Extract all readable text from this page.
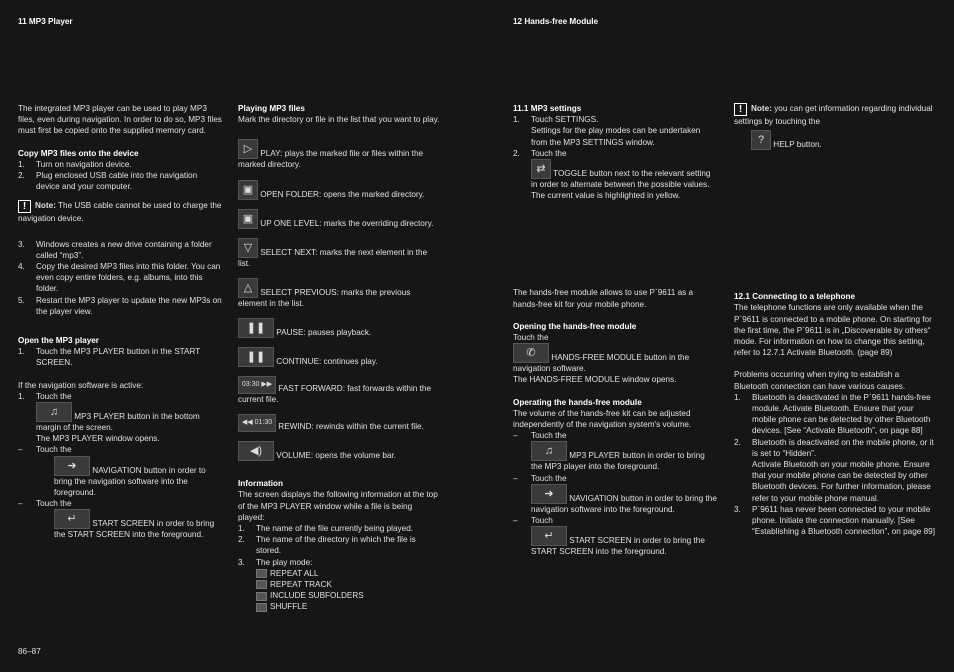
11 MP3 Player	12 Hands-free Module

The integrated MP3 player can be used to play MP3 files, even during navigation. In order to do so, MP3 files must first be copied onto the supplied memory card.

Copy MP3 files onto the device

1. Turn on navigation device.
2. Plug enclosed USB cable into the navigation device and your computer.

! Note: The USB cable cannot be used to charge the navigation device.

3. Windows creates a new drive containing a folder called “mp3”.
4. Copy the desired MP3 files into this folder. You can even copy entire folders, e.g. albums, into this folder.
5. Restart the MP3 player to update the new MP3s on the player view.

Open the MP3 player

1. Touch the MP3 PLAYER button in the START SCREEN.

If the navigation software is active:

1. Touch the
♫ MP3 PLAYER button in the bottom margin of the screen.
The MP3 PLAYER window opens.
– Touch the
➜ NAVIGATION button in order to bring the navigation software into the foreground.
– Touch the
↵ START SCREEN in order to bring the START SCREEN into the foreground.

Playing MP3 files

Mark the directory or file in the list that you want to play.

▷ PLAY: plays the marked file or files within the marked directory.

▣ OPEN FOLDER: opens the marked directory.

▣ UP ONE LEVEL: marks the overriding directory.

▽ SELECT NEXT: marks the next element in the list.

△ SELECT PREVIOUS: marks the previous element in the list.

❚❚ PAUSE: pauses playback.

❚❚ CONTINUE: continues play.

03:30 ▶▶ FAST FORWARD: fast forwards within the current file.

◀◀ 01:30 REWIND: rewinds within the current file.

◀) VOLUME: opens the volume bar.

Information

The screen displays the following information at the top of the MP3 PLAYER window while a file is being played:

1. The name of the file currently being played.
2. The name of the directory in which the file is stored.
3. The play mode:
REPEAT ALL
REPEAT TRACK
INCLUDE SUBFOLDERS
SHUFFLE

11.1 MP3 settings

1. Touch SETTINGS.
Settings for the play modes can be undertaken from the MP3 SETTINGS window.
2. Touch the
⇄ TOGGLE button next to the relevant setting in order to alternate between the possible values. The current value is highlighted in yellow.

The hands-free module allows to use P`9611 as a hands-free kit for your mobile phone.

Opening the hands-free module

Touch the

✆ HANDS-FREE MODULE button in the navigation software.

The HANDS-FREE MODULE window opens.

Operating the hands-free module

The volume of the hands-free kit can be adjusted independently of the navigation system's volume.

– Touch the
♫ MP3 PLAYER button in order to bring the MP3 player into the foreground.
– Touch the
➜ NAVIGATION button in order to bring the navigation software into the foreground.
– Touch
↵ START SCREEN in order to bring the START SCREEN into the foreground.

! Note: you can get information regarding individual settings by touching the

? HELP button.

12.1 Connecting to a telephone

The telephone functions are only available when the P`9611 is connected to a mobile phone. On starting for the first time, the P`9611 is in „Discoverable by others“ mode. For information on how to change this setting, refer to 12.7.1 Activate Bluetooth. (page 89)

Problems occurring when trying to establish a Bluetooth connection can have various causes.

1. Bluetooth is deactivated in the P`9611 hands-free module. Activate Bluetooth. Ensure that your mobile phone can be detected by other Bluetooth devices. [See “Activate Bluetooth”, on page 88]
2. Bluetooth is deactivated on the mobile phone, or it is set to “Hidden”.
Activate Bluetooth on your mobile phone. Ensure that your mobile phone can be detected by other Bluetooth devices. For further information, please refer to your mobile phone manual.
3. P`9611 has never been connected to your mobile phone. Initiate the connection manually. [See “Establishing a Bluetooth connection”, on page 89]
86–87
